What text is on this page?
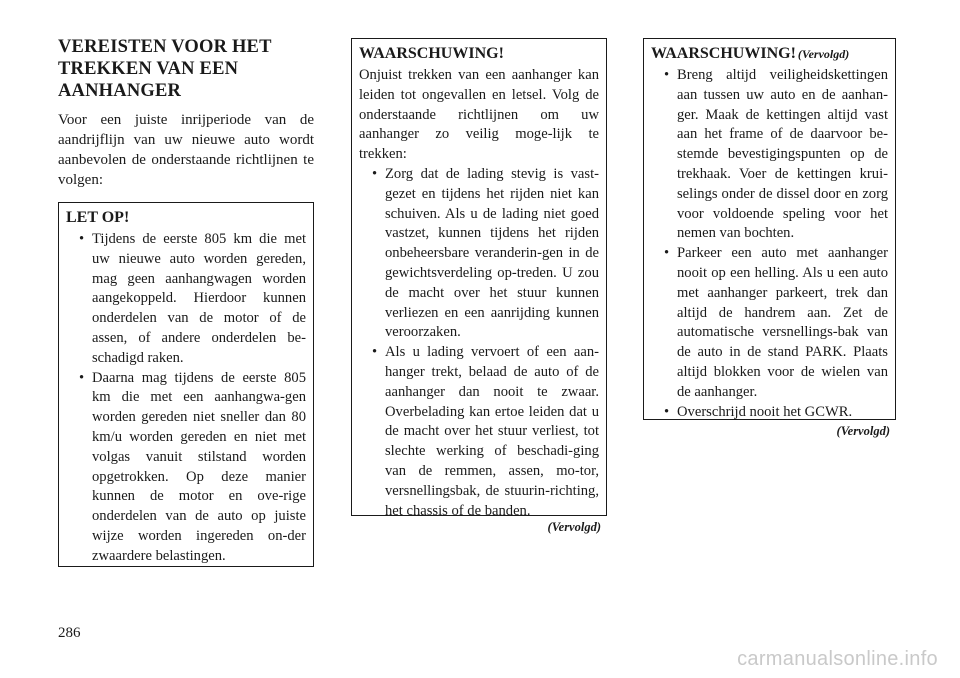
VEREISTEN VOOR HET TREKKEN VAN EEN AANHANGER

Voor een juiste inrijperiode van de aandrijflijn van uw nieuwe auto wordt aanbevolen de onderstaande richtlijnen te volgen:

LET OP!
• Tijdens de eerste 805 km die met uw nieuwe auto worden gereden, mag geen aanhangwagen worden aangekoppeld. Hierdoor kunnen onderdelen van de motor of de assen, of andere onderdelen be-schadigd raken.
• Daarna mag tijdens de eerste 805 km die met een aanhangwa-gen worden gereden niet sneller dan 80 km/u worden gereden en niet met volgas vanuit stilstand worden opgetrokken. Op deze manier kunnen de motor en ove-rige onderdelen van de auto op juiste wijze worden ingereden on-der zwaardere belastingen.
WAARSCHUWING!

Onjuist trekken van een aanhanger kan leiden tot ongevallen en letsel. Volg de onderstaande richtlijnen om uw aanhanger zo veilig moge-lijk te trekken:

• Zorg dat de lading stevig is vast-gezet en tijdens het rijden niet kan schuiven. Als u de lading niet goed vastzet, kunnen tijdens het rijden onbeheersbare veranderin-gen in de gewichtsverdeling op-treden. U zou de macht over het stuur kunnen verliezen en een aanrijding kunnen veroorzaken.
• Als u lading vervoert of een aan-hanger trekt, belaad de auto of de aanhanger dan nooit te zwaar. Overbelading kan ertoe leiden dat u de macht over het stuur verliest, tot slechte werking of beschadi-ging van de remmen, assen, mo-tor, versnellingsbak, de stuurin-richting, het chassis of de banden.
(Vervolgd)
WAARSCHUWING! (Vervolgd)
• Breng altijd veiligheidskettingen aan tussen uw auto en de aanhan-ger. Maak de kettingen altijd vast aan het frame of de daarvoor be-stemde bevestigingspunten op de trekhaak. Voer de kettingen krui-selings onder de dissel door en zorg voor voldoende speling voor het nemen van bochten.
• Parkeer een auto met aanhanger nooit op een helling. Als u een auto met aanhanger parkeert, trek dan altijd de handrem aan. Zet de automatische versnellings-bak van de auto in de stand PARK. Plaats altijd blokken voor de wielen van de aanhanger.
• Overschrijd nooit het GCWR.
(Vervolgd)
286
carmanualsonline.info
